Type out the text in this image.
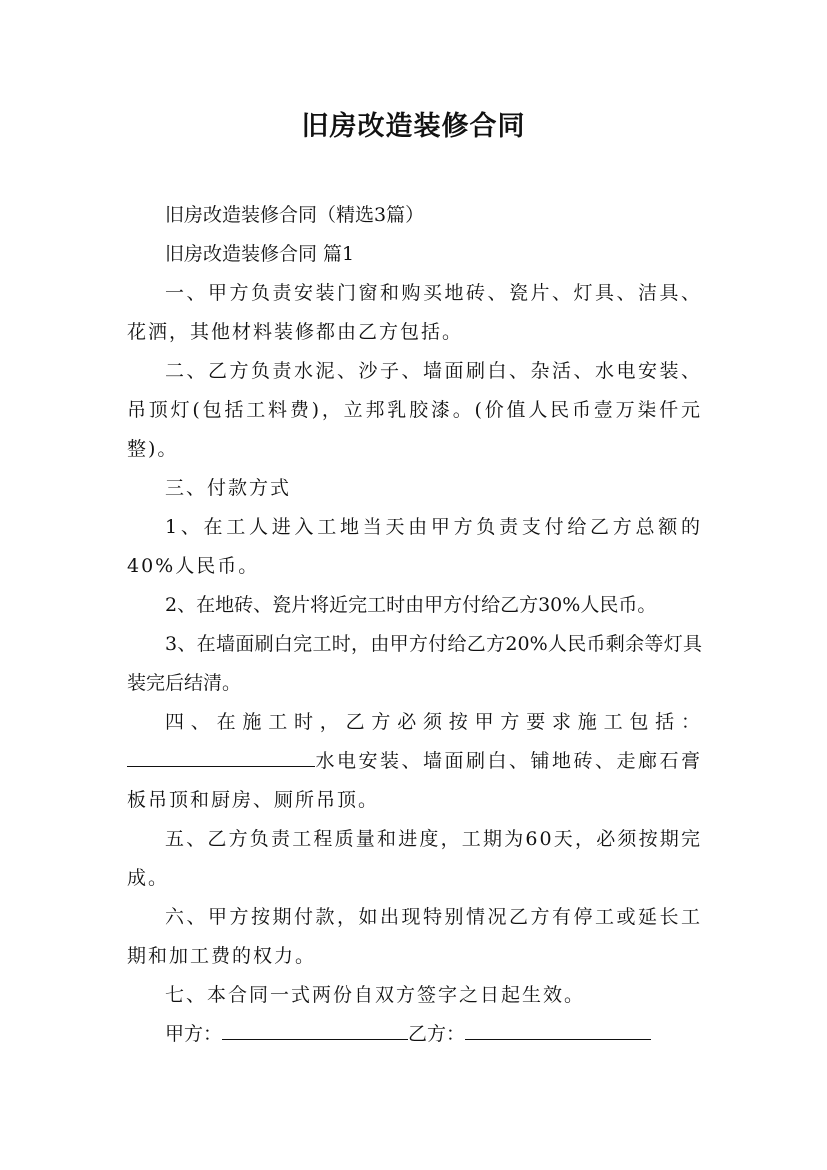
旧房改造装修合同

旧房改造装修合同（精选3篇）

旧房改造装修合同 篇1

一、甲方负责安装门窗和购买地砖、瓷片、灯具、洁具、花洒，其他材料装修都由乙方包括。

二、乙方负责水泥、沙子、墙面刷白、杂活、水电安装、吊顶灯(包括工料费)，立邦乳胶漆。(价值人民币壹万柒仟元整)。

三、付款方式

1、在工人进入工地当天由甲方负责支付给乙方总额的40%人民币。

2、在地砖、瓷片将近完工时由甲方付给乙方30%人民币。

3、在墙面刷白完工时，由甲方付给乙方20%人民币剩余等灯具装完后结清。

四、在施工时，乙方必须按甲方要求施工包括：水电安装、墙面刷白、铺地砖、走廊石膏板吊顶和厨房、厕所吊顶。

五、乙方负责工程质量和进度，工期为60天，必须按期完成。

六、甲方按期付款，如出现特别情况乙方有停工或延长工期和加工费的权力。

七、本合同一式两份自双方签字之日起生效。

甲方：	乙方：
